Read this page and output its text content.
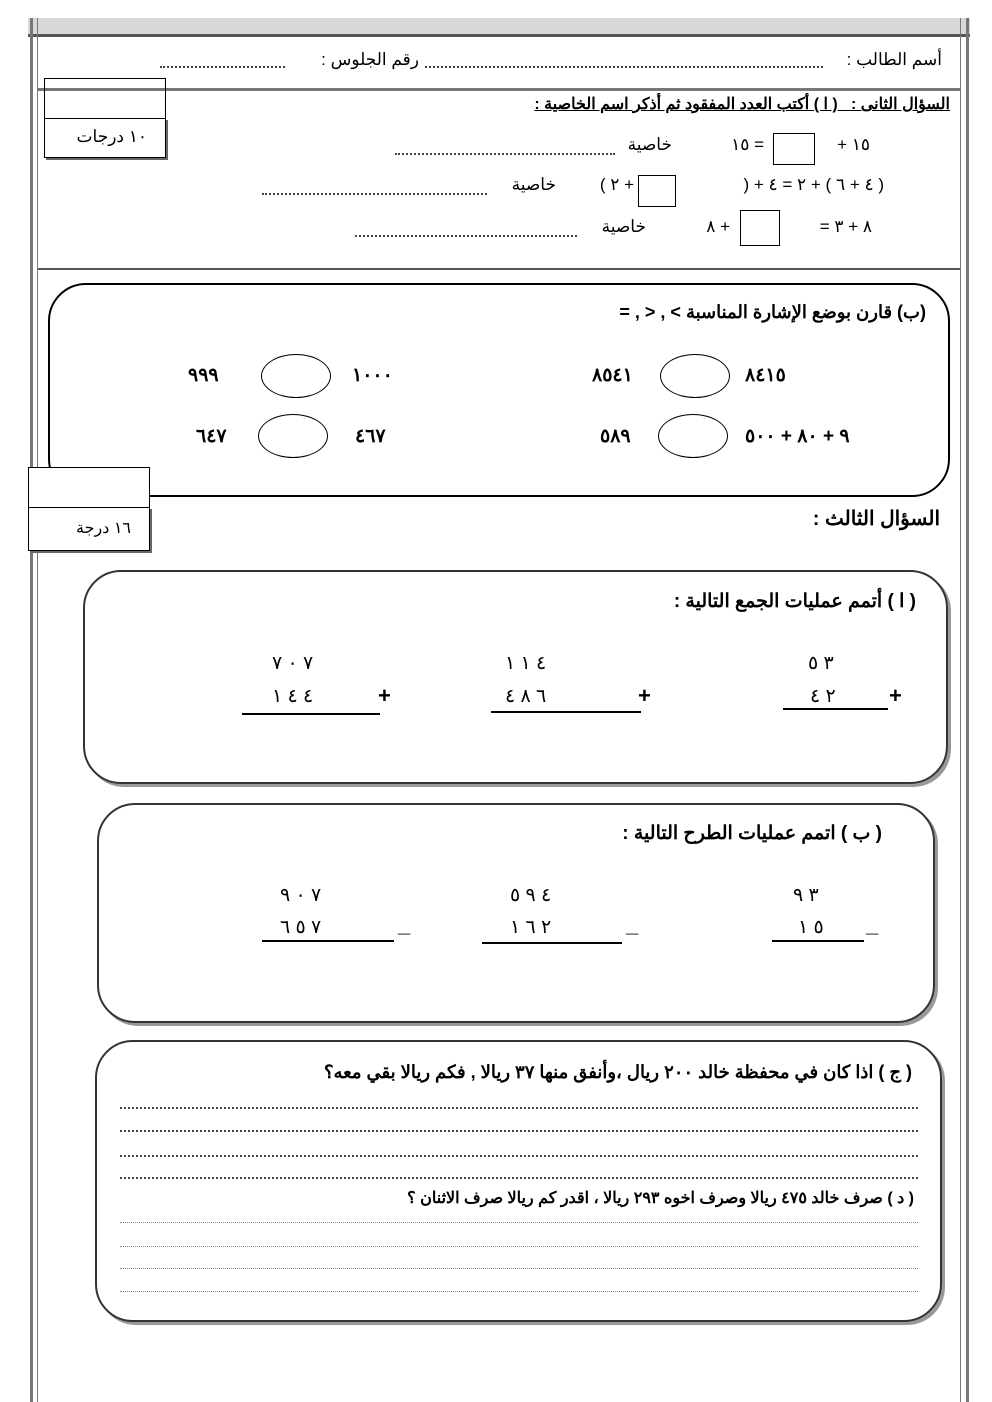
أسم الطالب :
رقم الجلوس :
١٠ درجات
السؤال الثانى :   ( ا ) أكتب العدد المفقود ثم أذكر اسم الخاصية :
١٥ +
= ١٥
خاصية
( ٤ + ٦ ) + ٢ = ٤ + (
+ ٢ )
خاصية
٨ + ٣ =
+ ٨
خاصية
(ب) قارن بوضع الإشارة المناسبة > , < , =
٨٤١٥
٨٥٤١
١٠٠٠
٩٩٩
٩ + ٨٠ + ٥٠٠
٥٨٩
٤٦٧
٦٤٧
١٦ درجة	السؤال الثالث :
( ا ) أتمم عمليات الجمع التالية :
٣ ٥
٢ ٤ +
٤ ١ ١
٦ ٨ ٤	+
٧ ٠ ٧
٤ ٤ ١	+
( ب ) اتمم عمليات الطرح التالية :
٣ ٩
٥ ١ _
٤ ٩ ٥
٢ ٦ ١	_
٧ ٠ ٩
٧ ٥ ٦	_
( ج ) اذا كان في محفظة خالد ٢٠٠ ريال ،وأنفق منها ٣٧ ريالا , فكم ريالا بقي معه؟
( د ) صرف خالد ٤٧٥ ريالا وصرف اخوه ٢٩٣ ريالا ، اقدر كم ريالا صرف الاثنان ؟
